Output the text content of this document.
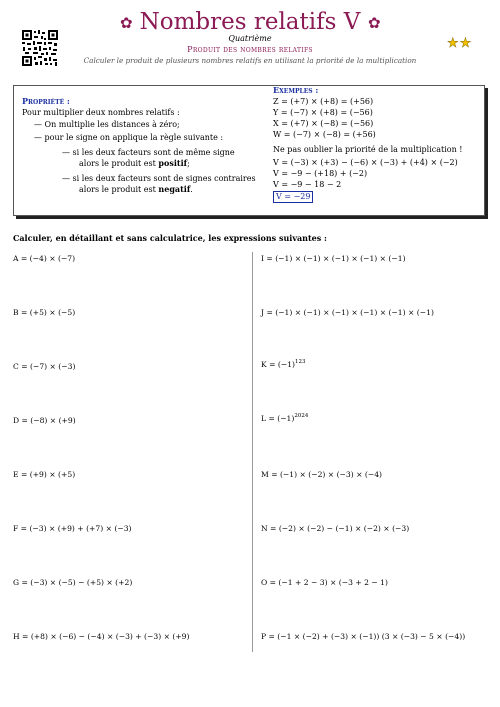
✿	✿
Nombres relatifs V
Quatrième
Produit des nombres relatifs
Calculer le produit de plusieurs nombres relatifs en utilisant la priorité de la multiplication
★★
Propriété :
Pour multiplier deux nombres relatifs :
— On multiplie les distances à zéro;
— pour le signe on applique la règle suivante :
— si les deux facteurs sont de même signe
alors le produit est positif;
— si les deux facteurs sont de signes contraires
alors le produit est negatif.
Exemples :
Z = (+7) × (+8) = (+56)
Y = (−7) × (+8) = (−56)
X = (+7) × (−8) = (−56)
W = (−7) × (−8) = (+56)
Ne pas oublier la priorité de la multiplication !
V = (−3) × (+3) − (−6) × (−3) + (+4) × (−2)
V = −9 − (+18) + (−2)
V = −9 − 18 − 2
V = −29
Calculer, en détaillant et sans calculatrice, les expressions suivantes :
A = (−4) × (−7)
B = (+5) × (−5)
C = (−7) × (−3)
D = (−8) × (+9)
E = (+9) × (+5)
F = (−3) × (+9) + (+7) × (−3)
G = (−3) × (−5) − (+5) × (+2)
H = (+8) × (−6) − (−4) × (−3) + (−3) × (+9)
I = (−1) × (−1) × (−1) × (−1) × (−1)
J = (−1) × (−1) × (−1) × (−1) × (−1) × (−1)
$K = (-1)^{123}$
$L = (-1)^{2024}$
M = (−1) × (−2) × (−3) × (−4)
N = (−2) × (−2) − (−1) × (−2) × (−3)
O = (−1 + 2 − 3) × (−3 + 2 − 1)
P = (−1 × (−2) + (−3) × (−1)) (3 × (−3) − 5 × (−4))
